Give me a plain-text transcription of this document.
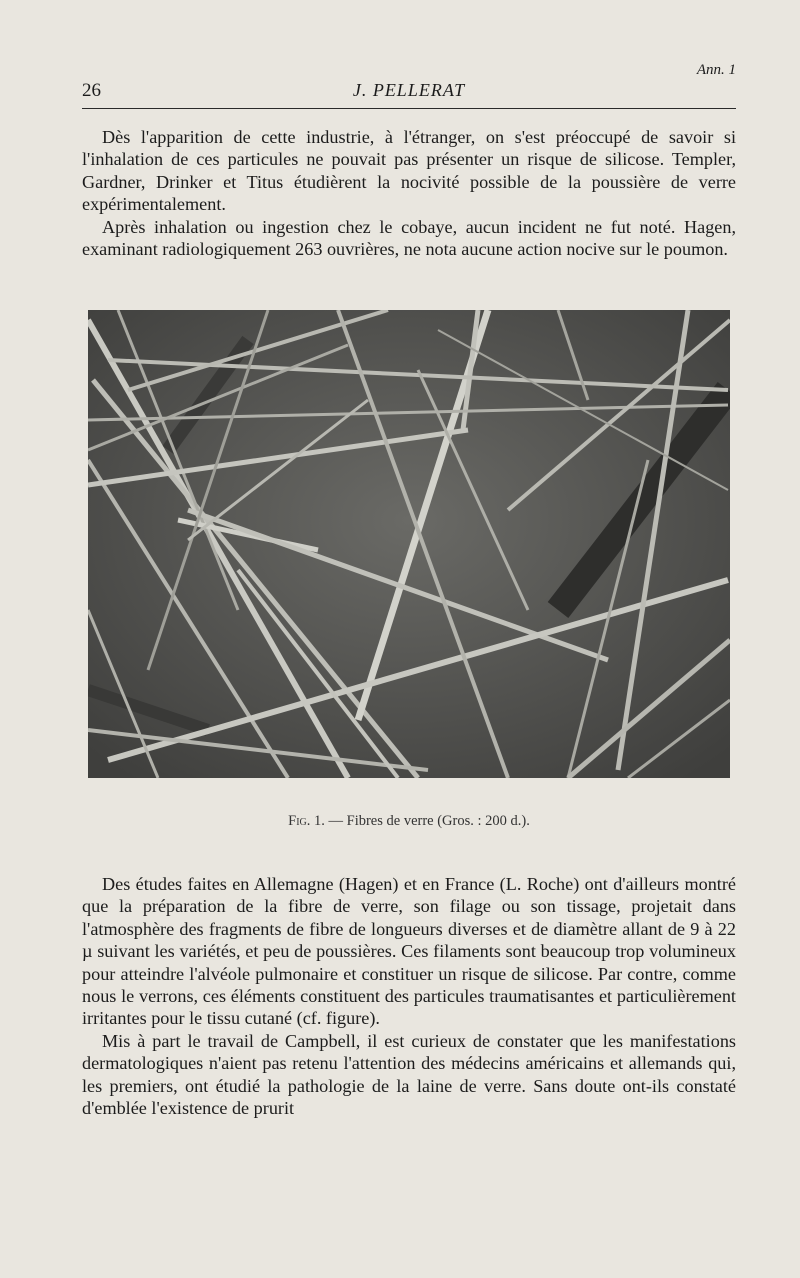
26	J. PELLERAT
Ann. 1

Dès l'apparition de cette industrie, à l'étranger, on s'est préoccupé de savoir si l'inhalation de ces particules ne pouvait pas présenter un risque de silicose. Templer, Gardner, Drinker et Titus étudièrent la nocivité possible de la poussière de verre expérimentalement.

Après inhalation ou ingestion chez le cobaye, aucun incident ne fut noté. Hagen, examinant radiologiquement 263 ouvrières, ne nota aucune action nocive sur le poumon.

Fig. 1. — Fibres de verre (Gros. : 200 d.).

Des études faites en Allemagne (Hagen) et en France (L. Roche) ont d'ailleurs montré que la préparation de la fibre de verre, son filage ou son tissage, projetait dans l'atmosphère des fragments de fibre de longueurs diverses et de diamètre allant de 9 à 22 µ suivant les variétés, et peu de poussières. Ces filaments sont beaucoup trop volumineux pour atteindre l'alvéole pulmonaire et constituer un risque de silicose. Par contre, comme nous le verrons, ces éléments constituent des particules traumatisantes et particulièrement irritantes pour le tissu cutané (cf. figure).

Mis à part le travail de Campbell, il est curieux de constater que les manifestations dermatologiques n'aient pas retenu l'attention des médecins américains et allemands qui, les premiers, ont étudié la pathologie de la laine de verre. Sans doute ont-ils constaté d'emblée l'existence de prurit
